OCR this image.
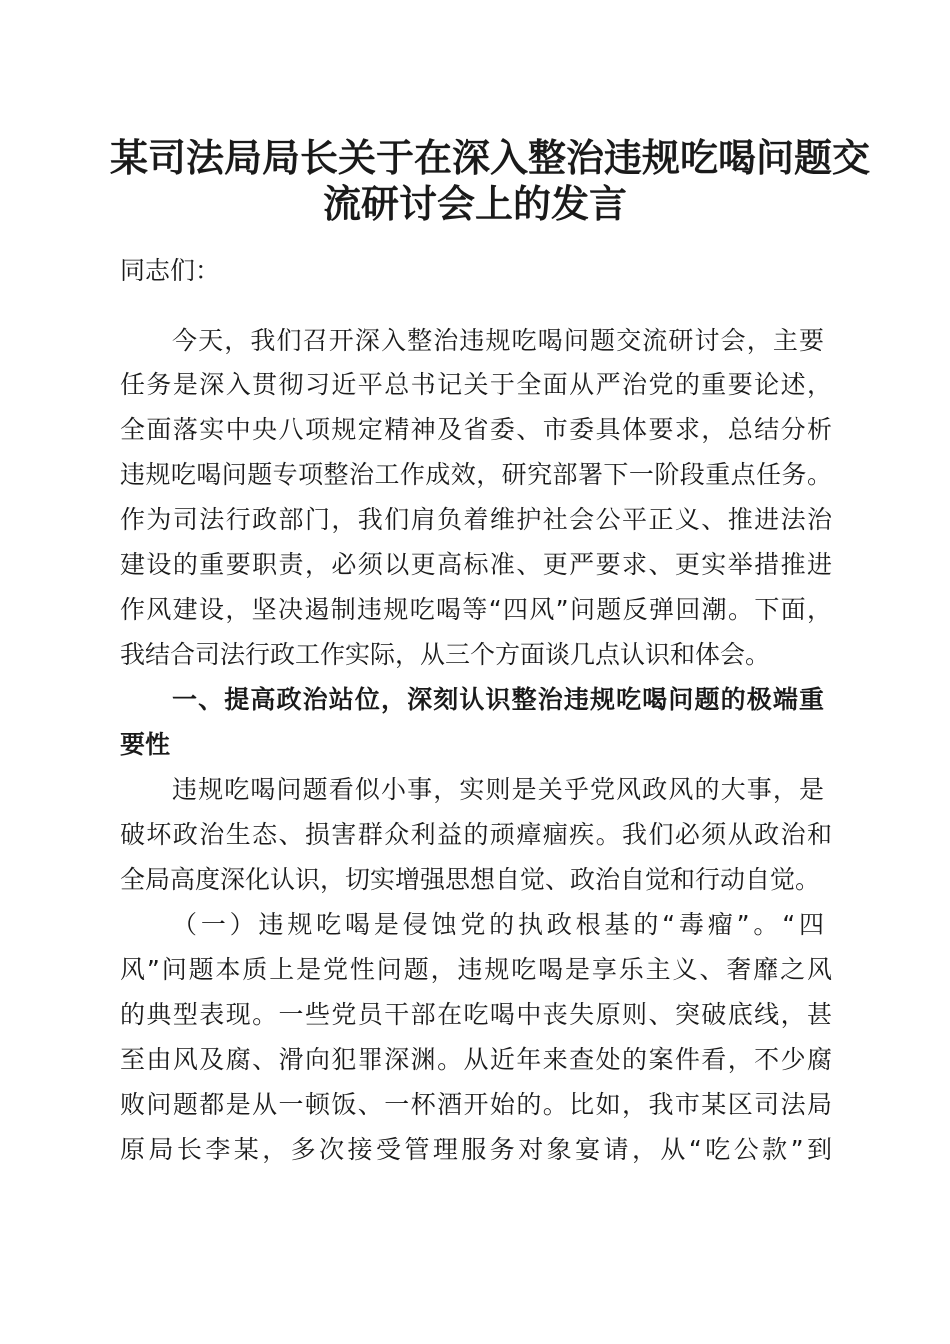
某司法局局长关于在深入整治违规吃喝问题交
流研讨会上的发言
同志们：
今天，我们召开深入整治违规吃喝问题交流研讨会，主要
任务是深入贯彻习近平总书记关于全面从严治党的重要论述，
全面落实中央八项规定精神及省委、市委具体要求，总结分析
违规吃喝问题专项整治工作成效，研究部署下一阶段重点任务。
作为司法行政部门，我们肩负着维护社会公平正义、推进法治
建设的重要职责，必须以更高标准、更严要求、更实举措推进
作风建设，坚决遏制违规吃喝等“四风”问题反弹回潮。下面，
我结合司法行政工作实际，从三个方面谈几点认识和体会。
一、提高政治站位，深刻认识整治违规吃喝问题的极端重
要性
违规吃喝问题看似小事，实则是关乎党风政风的大事，是
破坏政治生态、损害群众利益的顽瘴痼疾。我们必须从政治和
全局高度深化认识，切实增强思想自觉、政治自觉和行动自觉。
（一）违规吃喝是侵蚀党的执政根基的“毒瘤”。“四
风”问题本质上是党性问题，违规吃喝是享乐主义、奢靡之风
的典型表现。一些党员干部在吃喝中丧失原则、突破底线，甚
至由风及腐、滑向犯罪深渊。从近年来查处的案件看，不少腐
败问题都是从一顿饭、一杯酒开始的。比如，我市某区司法局
原局长李某，多次接受管理服务对象宴请，从“吃公款”到
